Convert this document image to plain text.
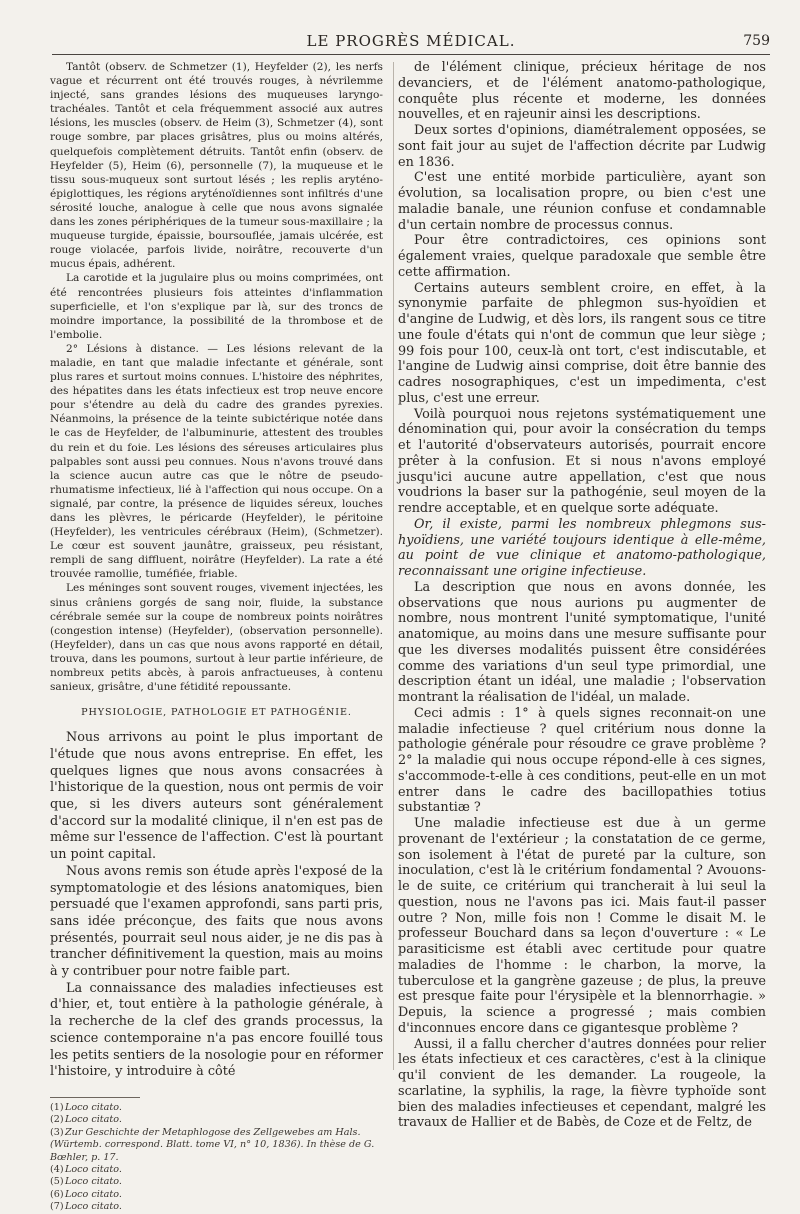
LE PROGRÈS MÉDICAL.	759

Tantôt (observ. de Schmetzer (1), Heyfelder (2), les nerfs vague et récurrent ont été trouvés rouges, à névrilemme injecté, sans grandes lésions des muqueuses laryngo-trachéales. Tantôt et cela fréquemment associé aux autres lésions, les muscles (observ. de Heim (3), Schmetzer (4), sont rouge sombre, par places grisâtres, plus ou moins altérés, quelquefois complètement détruits. Tantôt enfin (observ. de Heyfelder (5), Heim (6), personnelle (7), la muqueuse et le tissu sous-muqueux sont surtout lésés ; les replis aryténo-épiglottiques, les régions aryténoïdiennes sont infiltrés d'une sérosité louche, analogue à celle que nous avons signalée dans les zones périphériques de la tumeur sous-maxillaire ; la muqueuse turgide, épaissie, boursouflée, jamais ulcérée, est rouge violacée, parfois livide, noirâtre, recouverte d'un mucus épais, adhérent.

La carotide et la jugulaire plus ou moins comprimées, ont été rencontrées plusieurs fois atteintes d'inflammation superficielle, et l'on s'explique par là, sur des troncs de moindre importance, la possibilité de la thrombose et de l'embolie.

2° Lésions à distance. — Les lésions relevant de la maladie, en tant que maladie infectante et générale, sont plus rares et surtout moins connues. L'histoire des néphrites, des hépatites dans les états infectieux est trop neuve encore pour s'étendre au delà du cadre des grandes pyrexies. Néanmoins, la présence de la teinte subictérique notée dans le cas de Heyfelder, de l'albuminurie, attestent des troubles du rein et du foie. Les lésions des séreuses articulaires plus palpables sont aussi peu connues. Nous n'avons trouvé dans la science aucun autre cas que le nôtre de pseudo-rhumatisme infectieux, lié à l'affection qui nous occupe. On a signalé, par contre, la présence de liquides séreux, louches dans les plèvres, le péricarde (Heyfelder), le péritoine (Heyfelder), les ventricules cérébraux (Heim), (Schmetzer). Le cœur est souvent jaunâtre, graisseux, peu résistant, rempli de sang diffluent, noirâtre (Heyfelder). La rate a été trouvée ramollie, tuméfiée, friable.

Les méninges sont souvent rouges, vivement injectées, les sinus crâniens gorgés de sang noir, fluide, la substance cérébrale semée sur la coupe de nombreux points noirâtres (congestion intense) (Heyfelder), (observation personnelle). (Heyfelder), dans un cas que nous avons rapporté en détail, trouva, dans les poumons, surtout à leur partie inférieure, de nombreux petits abcès, à parois anfractueuses, à contenu sanieux, grisâtre, d'une fétidité repoussante.

PHYSIOLOGIE, PATHOLOGIE ET PATHOGÉNIE.

Nous arrivons au point le plus important de l'étude que nous avons entreprise. En effet, les quelques lignes que nous avons consacrées à l'historique de la question, nous ont permis de voir que, si les divers auteurs sont généralement d'accord sur la modalité clinique, il n'en est pas de même sur l'essence de l'affection. C'est là pourtant un point capital.

Nous avons remis son étude après l'exposé de la symptomatologie et des lésions anatomiques, bien persuadé que l'examen approfondi, sans parti pris, sans idée préconçue, des faits que nous avons présentés, pourrait seul nous aider, je ne dis pas à trancher définitivement la question, mais au moins à y contribuer pour notre faible part.

La connaissance des maladies infectieuses est d'hier, et, tout entière à la pathologie générale, à la recherche de la clef des grands processus, la science contemporaine n'a pas encore fouillé tous les petits sentiers de la nosologie pour en réformer l'histoire, y introduire à côté

(1)Loco citato.
(2)Loco citato.
(3)Zur Geschichte der Metaphlogose des Zellgewebes am Hals. (Würtemb. correspond. Blatt. tome VI, n° 10, 1836). In thèse de G. Bœhler, p. 17.
(4)Loco citato.
(5)Loco citato.
(6)Loco citato.
(7)Loco citato.

de l'élément clinique, précieux héritage de nos devanciers, et de l'élément anatomo-pathologique, conquête plus récente et moderne, les données nouvelles, et en rajeunir ainsi les descriptions.

Deux sortes d'opinions, diamétralement opposées, se sont fait jour au sujet de l'affection décrite par Ludwig en 1836.

C'est une entité morbide particulière, ayant son évolution, sa localisation propre, ou bien c'est une maladie banale, une réunion confuse et condamnable d'un certain nombre de processus connus.

Pour être contradictoires, ces opinions sont également vraies, quelque paradoxale que semble être cette affirmation.

Certains auteurs semblent croire, en effet, à la synonymie parfaite de phlegmon sus-hyoïdien et d'angine de Ludwig, et dès lors, ils rangent sous ce titre une foule d'états qui n'ont de commun que leur siège ; 99 fois pour 100, ceux-là ont tort, c'est indiscutable, et l'angine de Ludwig ainsi comprise, doit être bannie des cadres nosographiques, c'est un impedimenta, c'est plus, c'est une erreur.

Voilà pourquoi nous rejetons systématiquement une dénomination qui, pour avoir la consécration du temps et l'autorité d'observateurs autorisés, pourrait encore prêter à la confusion. Et si nous n'avons employé jusqu'ici aucune autre appellation, c'est que nous voudrions la baser sur la pathogénie, seul moyen de la rendre acceptable, et en quelque sorte adéquate.

Or, il existe, parmi les nombreux phlegmons sus-hyoïdiens, une variété toujours identique à elle-même, au point de vue clinique et anatomo-pathologique, reconnaissant une origine infectieuse.

La description que nous en avons donnée, les observations que nous aurions pu augmenter de nombre, nous montrent l'unité symptomatique, l'unité anatomique, au moins dans une mesure suffisante pour que les diverses modalités puissent être considérées comme des variations d'un seul type primordial, une description étant un idéal, une maladie ; l'observation montrant la réalisation de l'idéal, un malade.

Ceci admis : 1° à quels signes reconnait-on une maladie infectieuse ? quel critérium nous donne la pathologie générale pour résoudre ce grave problème ? 2° la maladie qui nous occupe répond-elle à ces signes, s'accommode-t-elle à ces conditions, peut-elle en un mot entrer dans le cadre des bacillopathies totius substantiæ ?

Une maladie infectieuse est due à un germe provenant de l'extérieur ; la constatation de ce germe, son isolement à l'état de pureté par la culture, son inoculation, c'est là le critérium fondamental ? Avouons-le de suite, ce critérium qui trancherait à lui seul la question, nous ne l'avons pas ici. Mais faut-il passer outre ? Non, mille fois non ! Comme le disait M. le professeur Bouchard dans sa leçon d'ouverture : « Le parasiticisme est établi avec certitude pour quatre maladies de l'homme : le charbon, la morve, la tuberculose et la gangrène gazeuse ; de plus, la preuve est presque faite pour l'érysipèle et la blennorrhagie. » Depuis, la science a progressé ; mais combien d'inconnues encore dans ce gigantesque problème ?

Aussi, il a fallu chercher d'autres données pour relier les états infectieux et ces caractères, c'est à la clinique qu'il convient de les demander. La rougeole, la scarlatine, la syphilis, la rage, la fièvre typhoïde sont bien des maladies infectieuses et cependant, malgré les travaux de Hallier et de Babès, de Coze et de Feltz, de
